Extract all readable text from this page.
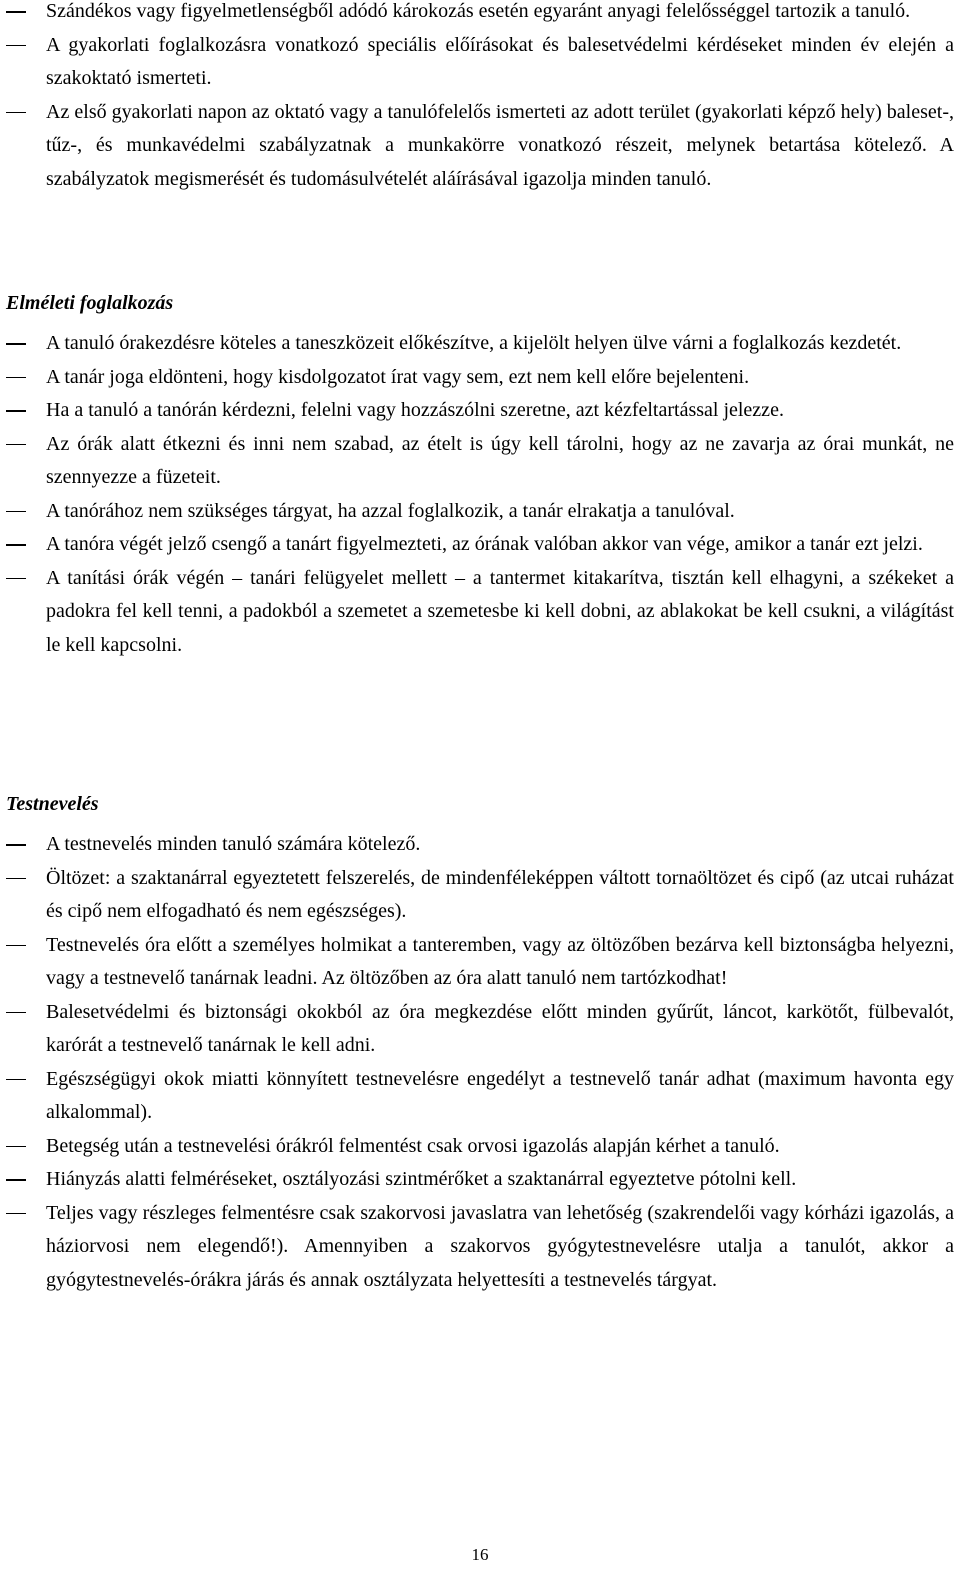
Szándékos vagy figyelmetlenségből adódó károkozás esetén egyaránt anyagi felelősséggel tartozik a tanuló.
A gyakorlati foglalkozásra vonatkozó speciális előírásokat és balesetvédelmi kérdéseket minden év elején a szakoktató ismerteti.
Az első gyakorlati napon az oktató vagy a tanulófelelős ismerteti az adott terület (gyakorlati képző hely) baleset-, tűz-, és munkavédelmi szabályzatnak a munkakörre vonatkozó részeit, melynek betartása kötelező. A szabályzatok megismerését és tudomásulvételét aláírásával igazolja minden tanuló.
Elméleti foglalkozás
A tanuló órakezdésre köteles a taneszközeit előkészítve, a kijelölt helyen ülve várni a foglalkozás kezdetét.
A tanár joga eldönteni, hogy kisdolgozatot írat vagy sem, ezt nem kell előre bejelenteni.
Ha a tanuló a tanórán kérdezni, felelni vagy hozzászólni szeretne, azt kézfeltartással jelezze.
Az órák alatt étkezni és inni nem szabad, az ételt is úgy kell tárolni, hogy az ne zavarja az órai munkát, ne szennyezze a füzeteit.
A tanórához nem szükséges tárgyat, ha azzal foglalkozik, a tanár elrakatja a tanulóval.
A tanóra végét jelző csengő a tanárt figyelmezteti, az órának valóban akkor van vége, amikor a tanár ezt jelzi.
A tanítási órák végén – tanári felügyelet mellett – a tantermet kitakarítva, tisztán kell elhagyni, a székeket a padokra fel kell tenni, a padokból a szemetet a szemetesbe ki kell dobni, az ablakokat be kell csukni, a világítást le kell kapcsolni.
Testnevelés
A testnevelés minden tanuló számára kötelező.
Öltözet: a szaktanárral egyeztetett felszerelés, de mindenféleképpen váltott tornaöltözet és cipő (az utcai ruházat és cipő nem elfogadható és nem egészséges).
Testnevelés óra előtt a személyes holmikat a tanteremben, vagy az öltözőben bezárva kell biztonságba helyezni, vagy a testnevelő tanárnak leadni. Az öltözőben az óra alatt tanuló nem tartózkodhat!
Balesetvédelmi és biztonsági okokból az óra megkezdése előtt minden gyűrűt, láncot, karkötőt, fülbevalót, karórát a testnevelő tanárnak le kell adni.
Egészségügyi okok miatti könnyített testnevelésre engedélyt a testnevelő tanár adhat (maximum havonta egy alkalommal).
Betegség után a testnevelési órákról felmentést csak orvosi igazolás alapján kérhet a tanuló.
Hiányzás alatti felméréseket, osztályozási szintmérőket a szaktanárral egyeztetve pótolni kell.
Teljes vagy részleges felmentésre csak szakorvosi javaslatra van lehetőség (szakrendelői vagy kórházi igazolás, a háziorvosi nem elegendő!). Amennyiben a szakorvos gyógytestnevelésre utalja a tanulót, akkor a gyógytestnevelés-órákra járás és annak osztályzata helyettesíti a testnevelés tárgyat.
16
